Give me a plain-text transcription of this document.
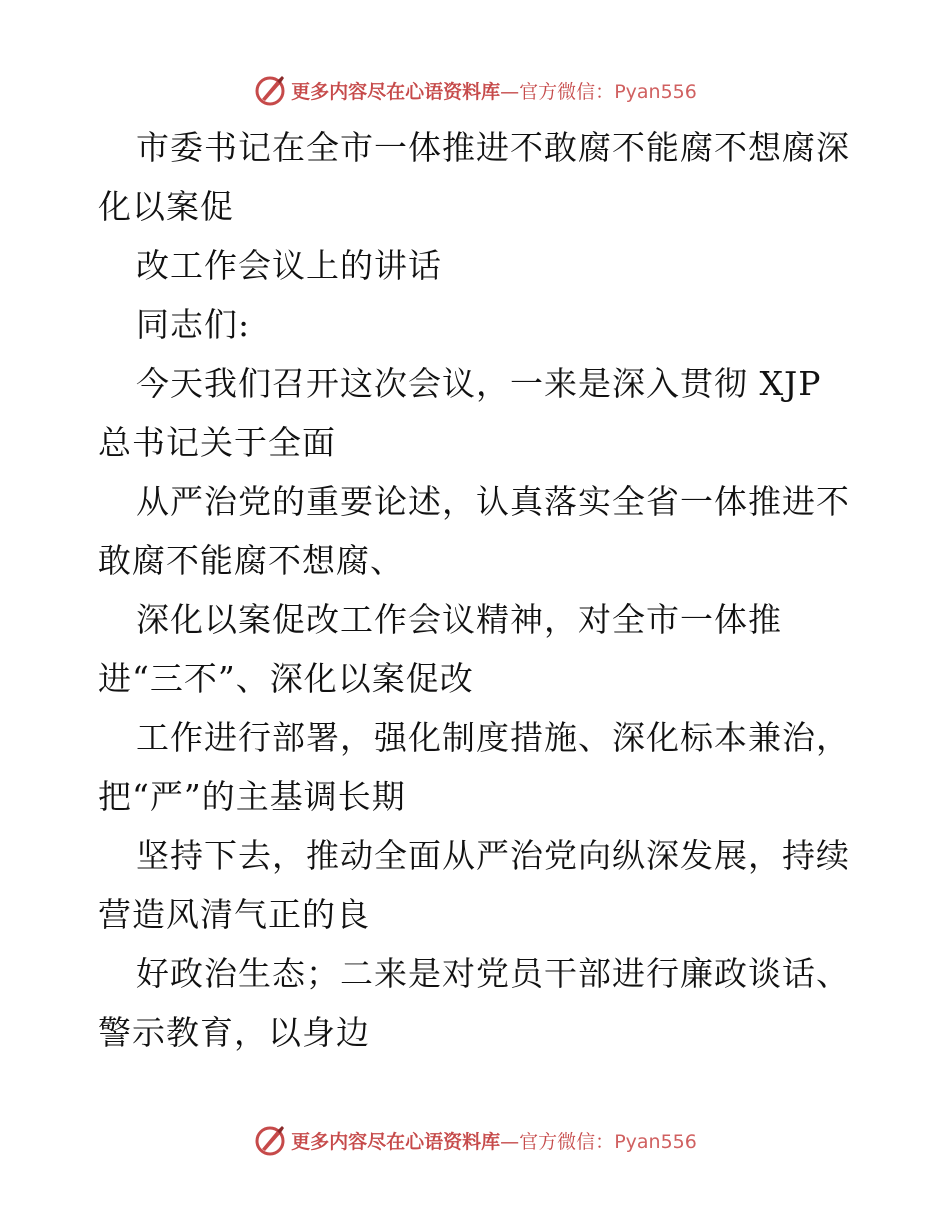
更多内容尽在心语资料库—官方微信：Pyan556
市委书记在全市一体推进不敢腐不能腐不想腐深
化以案促
改工作会议上的讲话
同志们:
今天我们召开这次会议，一来是深入贯彻 XJP
总书记关于全面
从严治党的重要论述，认真落实全省一体推进不
敢腐不能腐不想腐、
深化以案促改工作会议精神，对全市一体推
进“三不”、深化以案促改
工作进行部署，强化制度措施、深化标本兼治，
把“严”的主基调长期
坚持下去，推动全面从严治党向纵深发展，持续
营造风清气正的良
好政治生态；二来是对党员干部进行廉政谈话、
警示教育，以身边
更多内容尽在心语资料库—官方微信：Pyan556
